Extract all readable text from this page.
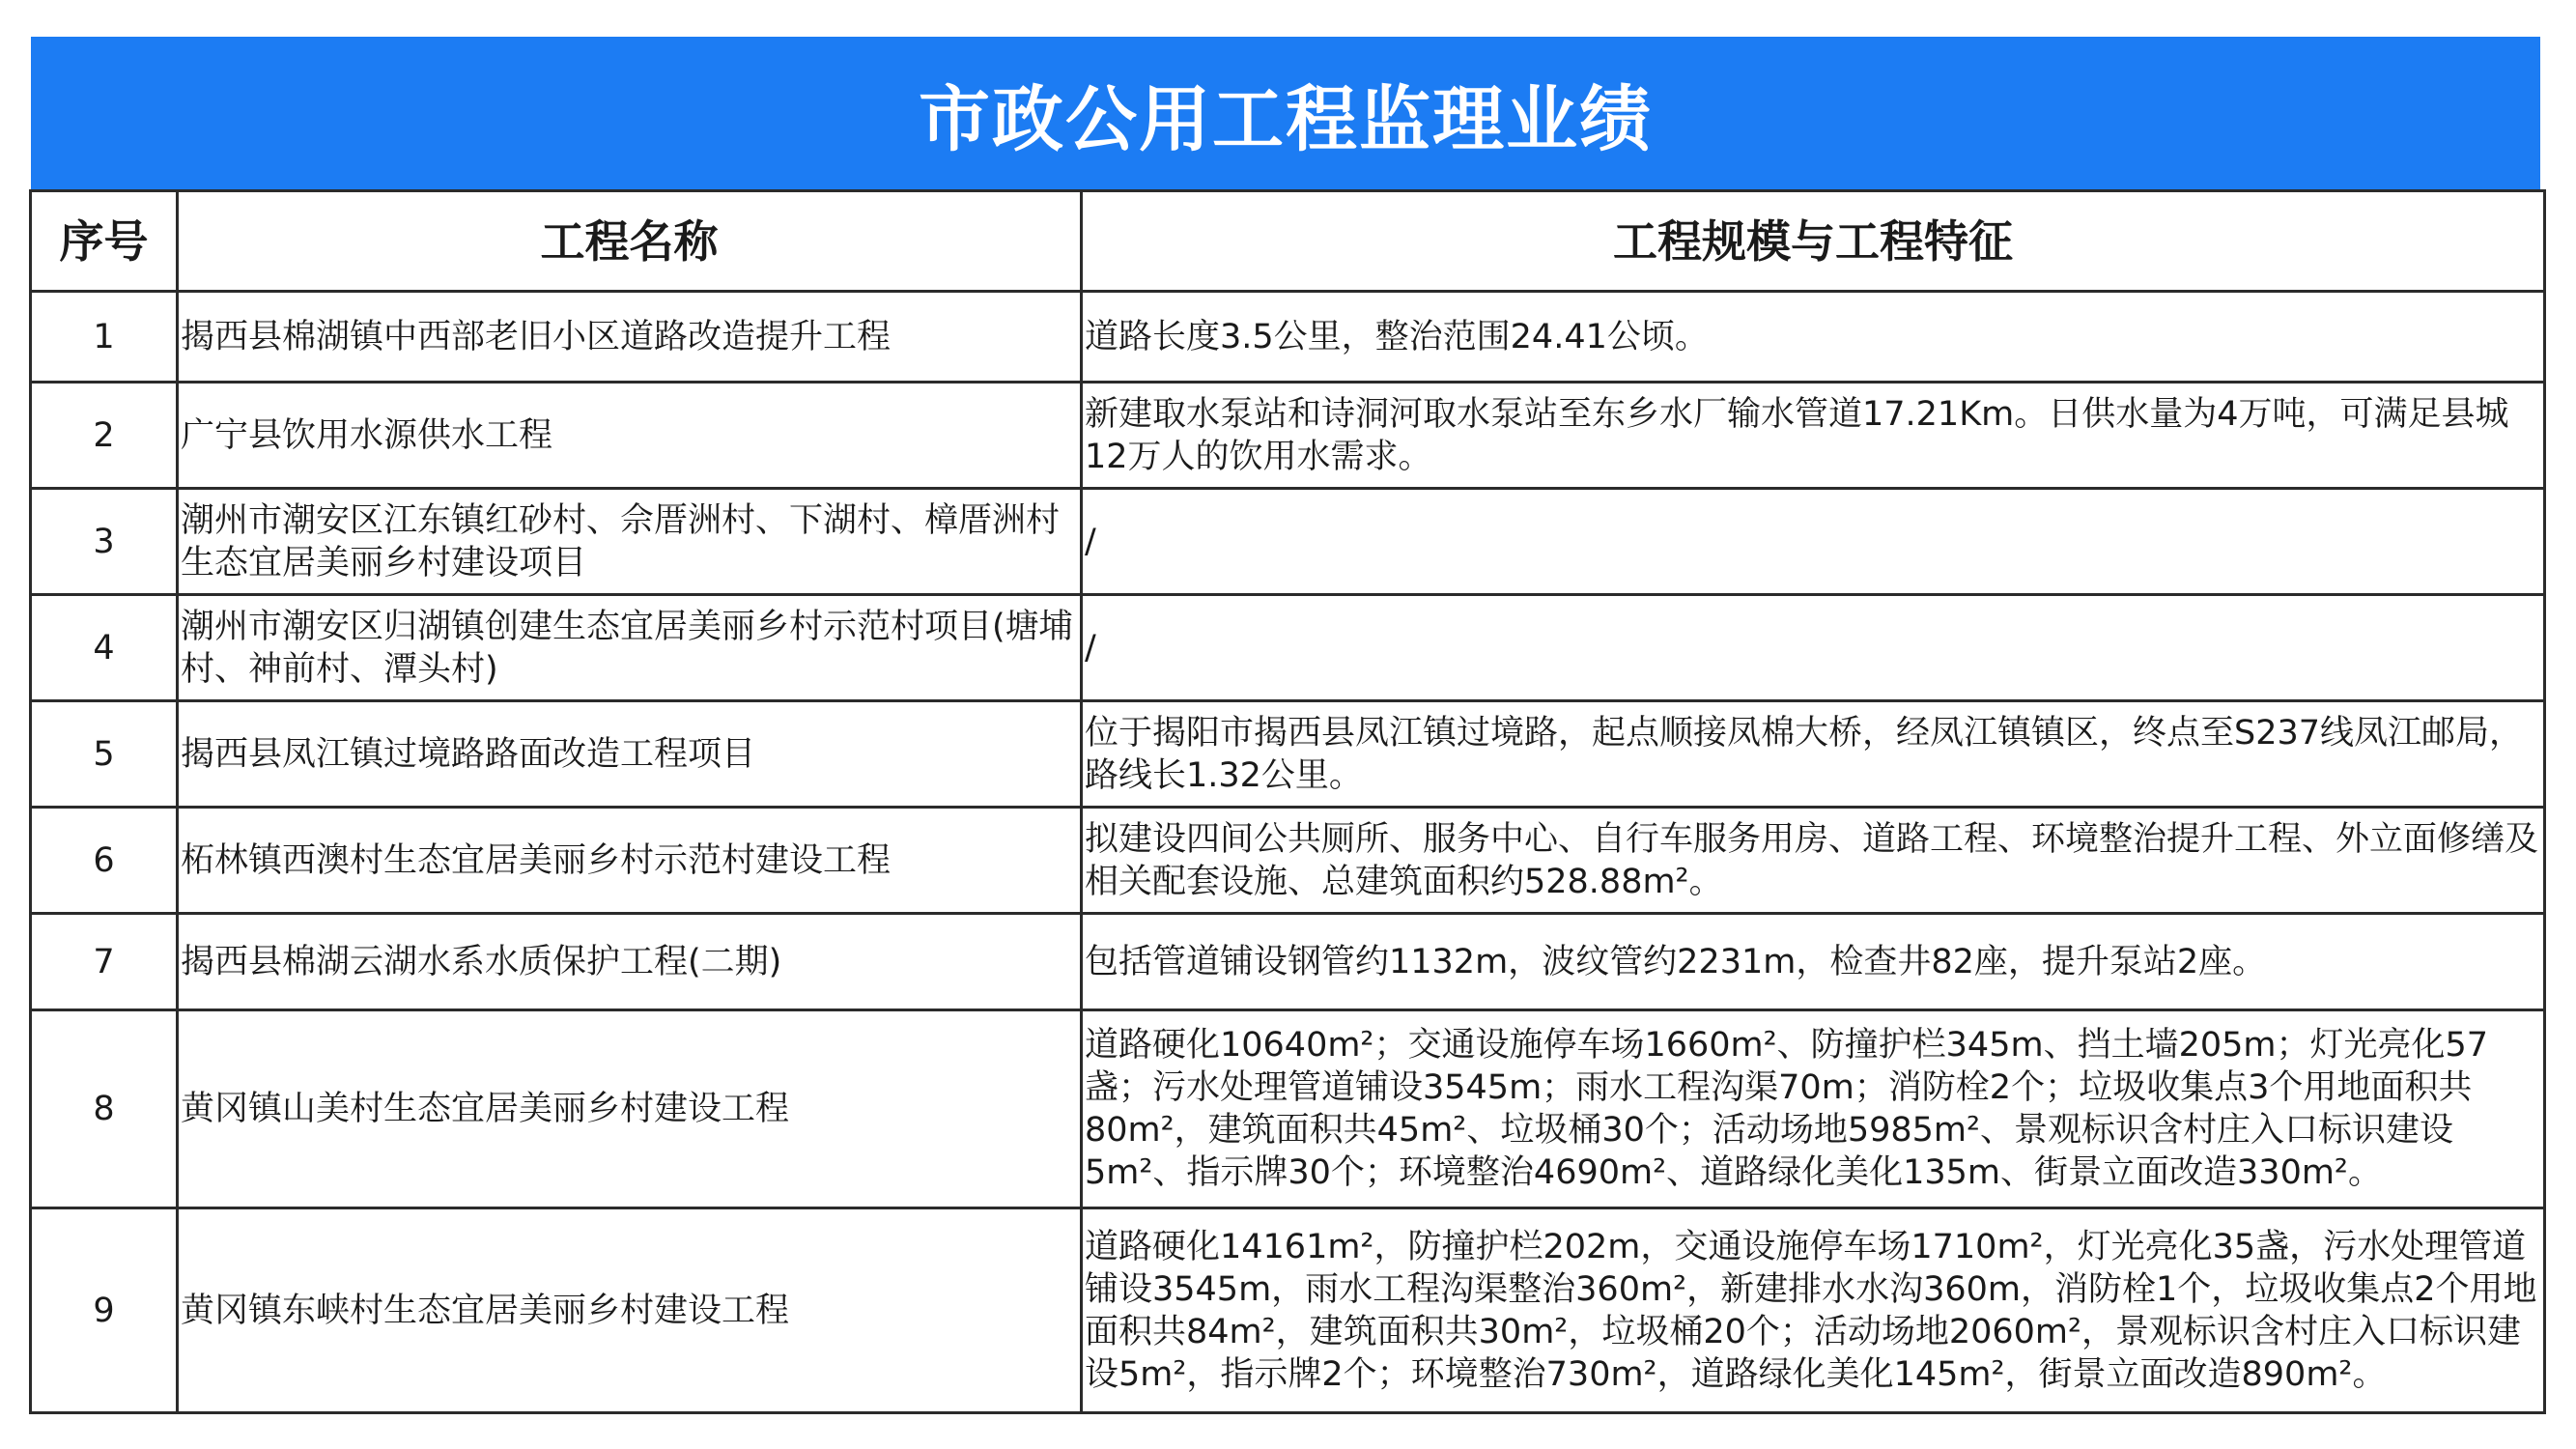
市政公用工程监理业绩
序号	工程名称	工程规模与工程特征
1	揭西县棉湖镇中西部老旧小区道路改造提升工程	道路长度3.5公里，整治范围24.41公顷。
2	广宁县饮用水源供水工程	新建取水泵站和诗洞河取水泵站至东乡水厂输水管道17.21Km。日供水量为4万吨，可满足县城12万人的饮用水需求。
3	潮州市潮安区江东镇红砂村、佘厝洲村、下湖村、樟厝洲村生态宜居美丽乡村建设项目	/
4	潮州市潮安区归湖镇创建生态宜居美丽乡村示范村项目(塘埔村、神前村、潭头村)	/
5	揭西县凤江镇过境路路面改造工程项目	位于揭阳市揭西县凤江镇过境路，起点顺接凤棉大桥，经凤江镇镇区，终点至S237线凤江邮局，路线长1.32公里。
6	柘林镇西澳村生态宜居美丽乡村示范村建设工程	拟建设四间公共厕所、服务中心、自行车服务用房、道路工程、环境整治提升工程、外立面修缮及相关配套设施、总建筑面积约528.88m²。
7	揭西县棉湖云湖水系水质保护工程(二期)	包括管道铺设钢管约1132m，波纹管约2231m，检查井82座，提升泵站2座。
8	黄冈镇山美村生态宜居美丽乡村建设工程	道路硬化10640m²；交通设施停车场1660m²、防撞护栏345m、挡土墙205m；灯光亮化57盏；污水处理管道铺设3545m；雨水工程沟渠70m；消防栓2个；垃圾收集点3个用地面积共80m²，建筑面积共45m²、垃圾桶30个；活动场地5985m²、景观标识含村庄入口标识建设5m²、指示牌30个；环境整治4690m²、道路绿化美化135m、街景立面改造330m²。
9	黄冈镇东峡村生态宜居美丽乡村建设工程	道路硬化14161m²，防撞护栏202m，交通设施停车场1710m²，灯光亮化35盏，污水处理管道铺设3545m，雨水工程沟渠整治360m²，新建排水水沟360m，消防栓1个，垃圾收集点2个用地面积共84m²，建筑面积共30m²，垃圾桶20个；活动场地2060m²，景观标识含村庄入口标识建设5m²，指示牌2个；环境整治730m²，道路绿化美化145m²，街景立面改造890m²。
